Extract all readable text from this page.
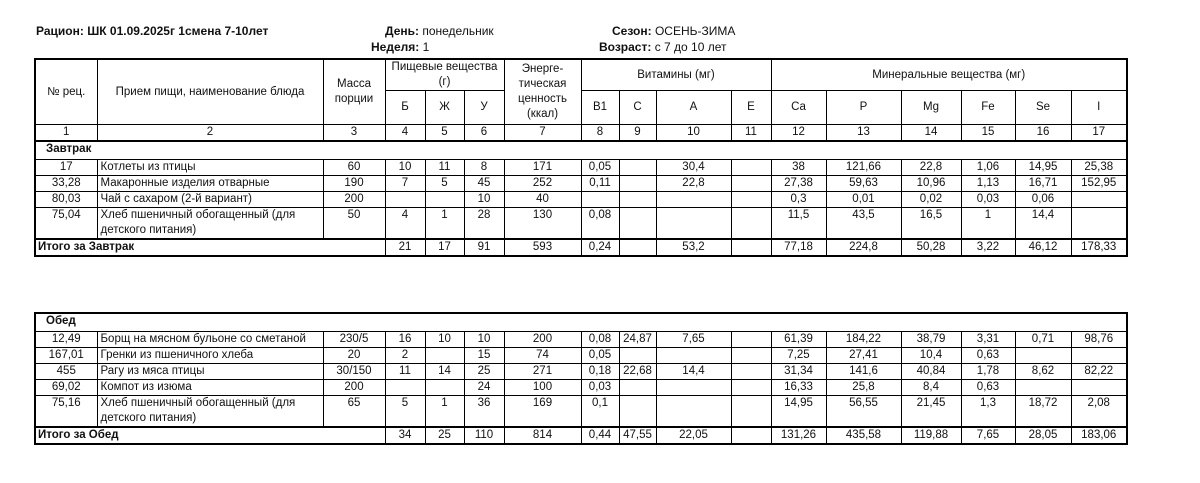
Рацион: ШК 01.09.2025г 1смена 7-10лет	День: понедельник
Неделя: 1
Сезон: ОСЕНЬ-ЗИМА
Возраст: с 7 до 10 лет
№ рец.	Прием пищи, наименование блюда	Масса порции	Пищевые вещества (г)			Энерге-тическая ценность (ккал)	Витамины (мг)				Минеральные вещества (мг)					
			Б	Ж	У		B1	C	A	E	Ca	P	Mg	Fe	Se	I
1	2	3	4	5	6	7	8	9	10	11	12	13	14	15	16	17
Завтрак																
17	Котлеты из птицы	60	10	11	8	171	0,05		30,4		38	121,66	22,8	1,06	14,95	25,38
33,28	Макаронные изделия отварные	190	7	5	45	252	0,11		22,8		27,38	59,63	10,96	1,13	16,71	152,95
80,03	Чай с сахаром (2-й вариант)	200			10	40					0,3	0,01	0,02	0,03	0,06	
75,04	Хлеб пшеничный обогащенный (для детского питания)	50	4	1	28	130	0,08				11,5	43,5	16,5	1	14,4	
Итого за Завтрак			21	17	91	593	0,24		53,2		77,18	224,8	50,28	3,22	46,12	178,33
Обед																
12,49	Борщ на мясном бульоне со сметаной	230/5	16	10	10	200	0,08	24,87	7,65		61,39	184,22	38,79	3,31	0,71	98,76
167,01	Гренки из пшеничного хлеба	20	2		15	74	0,05				7,25	27,41	10,4	0,63		
455	Рагу из мяса птицы	30/150	11	14	25	271	0,18	22,68	14,4		31,34	141,6	40,84	1,78	8,62	82,22
69,02	Компот из изюма	200			24	100	0,03				16,33	25,8	8,4	0,63		
75,16	Хлеб пшеничный обогащенный (для детского питания)	65	5	1	36	169	0,1				14,95	56,55	21,45	1,3	18,72	2,08
Итого за Обед			34	25	110	814	0,44	47,55	22,05		131,26	435,58	119,88	7,65	28,05	183,06
